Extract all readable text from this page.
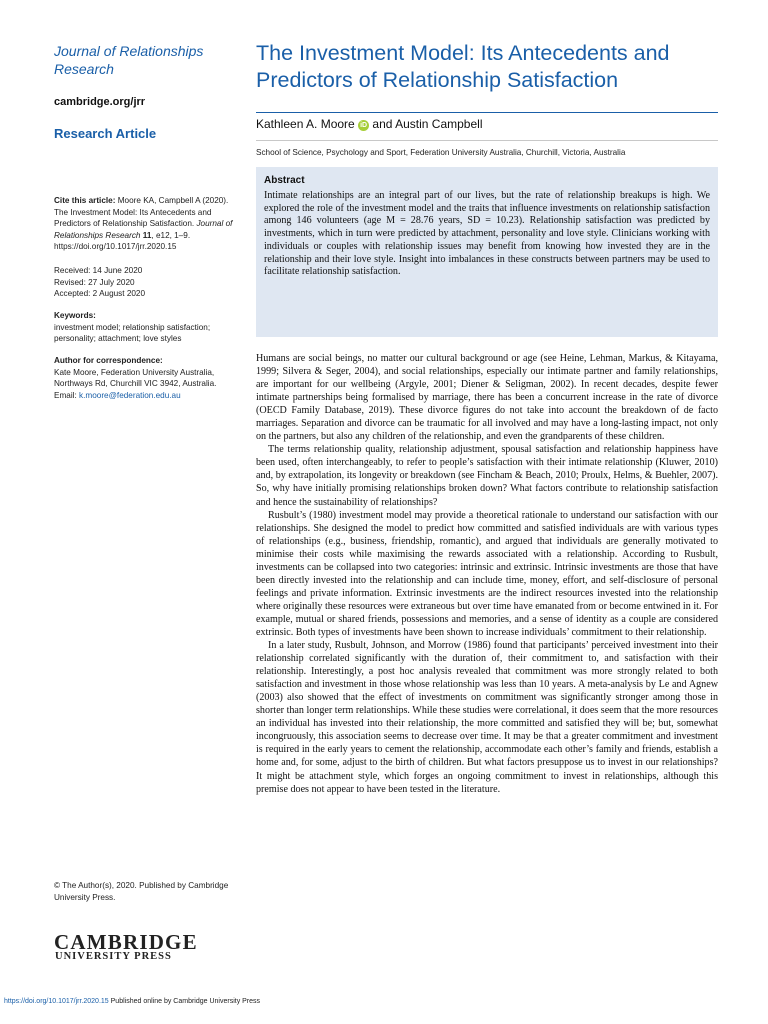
Journal of Relationships
Research

cambridge.org/jrr
Research Article
Cite this article: Moore KA, Campbell A (2020). The Investment Model: Its Antecedents and Predictors of Relationship Satisfaction. Journal of Relationships Research 11, e12, 1–9. https://doi.org/10.1017/jrr.2020.15
Received: 14 June 2020
Revised: 27 July 2020
Accepted: 2 August 2020
Keywords:
investment model; relationship satisfaction; personality; attachment; love styles
Author for correspondence:
Kate Moore, Federation University Australia, Northways Rd, Churchill VIC 3942, Australia.
Email: k.moore@federation.edu.au
The Investment Model: Its Antecedents and Predictors of Relationship Satisfaction
Kathleen A. Moore iD and Austin Campbell
School of Science, Psychology and Sport, Federation University Australia, Churchill, Victoria, Australia
Abstract

Intimate relationships are an integral part of our lives, but the rate of relationship breakups is high. We explored the role of the investment model and the traits that influence investments on relationship satisfaction among 146 volunteers (age M = 28.76 years, SD = 10.23). Relationship satisfaction was predicted by investments, which in turn were predicted by attachment, personality and love style. Clinicians working with individuals or couples with relationship issues may benefit from knowing how invested they are in the relationship and their love style. Insight into imbalances in these constructs between partners may be used to facilitate relationship satisfaction.

Humans are social beings, no matter our cultural background or age (see Heine, Lehman, Markus, & Kitayama, 1999; Silvera & Seger, 2004), and social relationships, especially our intimate partner and family relationships, are important for our wellbeing (Argyle, 2001; Diener & Seligman, 2002). In recent decades, despite fewer intimate partnerships being formalised by marriage, there has been a concurrent increase in the rate of divorce (OECD Family Database, 2019). These divorce figures do not take into account the breakdown of de facto marriages. Separation and divorce can be traumatic for all involved and may have a long-lasting impact, not only on the partners, but also any children of the relationship, and even the grandparents of these children.

The terms relationship quality, relationship adjustment, spousal satisfaction and relationship happiness have been used, often interchangeably, to refer to people’s satisfaction with their intimate relationship (Kluwer, 2010) and, by extrapolation, its longevity or breakdown (see Fincham & Beach, 2010; Proulx, Helms, & Buehler, 2007). So, why have initially promising relationships broken down? What factors contribute to relationship satisfaction and hence the sustainability of relationships?

Rusbult’s (1980) investment model may provide a theoretical rationale to understand our satisfaction with our relationships. She designed the model to predict how committed and satisfied individuals are with various types of relationships (e.g., business, friendship, romantic), and argued that individuals are generally motivated to minimise their costs while maximising the rewards associated with a relationship. According to Rusbult, investments can be collapsed into two categories: intrinsic and extrinsic. Intrinsic investments are those that have been directly invested into the relationship and can include time, money, effort, and self-disclosure of personal feelings and private information. Extrinsic investments are the indirect resources invested into the relationship where originally these resources were extraneous but over time have emanated from or become entwined in it. For example, mutual or shared friends, possessions and memories, and a sense of identity as a couple are considered extrinsic. Both types of investments have been shown to increase individuals’ commitment to their relationship.

In a later study, Rusbult, Johnson, and Morrow (1986) found that participants’ perceived investment into their relationship correlated significantly with the duration of, their commitment to, and satisfaction with their relationship. Interestingly, a post hoc analysis revealed that commitment was more strongly related to both satisfaction and investment in those whose relationship was less than 10 years. A meta-analysis by Le and Agnew (2003) also showed that the effect of investments on commitment was significantly stronger among those in shorter than longer term relationships. While these studies were correlational, it does seem that the more resources an individual has invested into their relationship, the more committed and satisfied they will be; but, somewhat incongruously, this association seems to decrease over time. It may be that a greater commitment and investment is required in the early years to cement the relationship, accommodate each other’s family and friends, establish a home and, for some, adjust to the birth of children. But what factors presuppose us to invest in our relationships? It might be attachment style, which forges an ongoing commitment to invest in relationships, although this premise does not appear to have been tested in the literature.

© The Author(s), 2020. Published by Cambridge University Press.
CAMBRIDGE
UNIVERSITY PRESS
https://doi.org/10.1017/jrr.2020.15 Published online by Cambridge University Press
